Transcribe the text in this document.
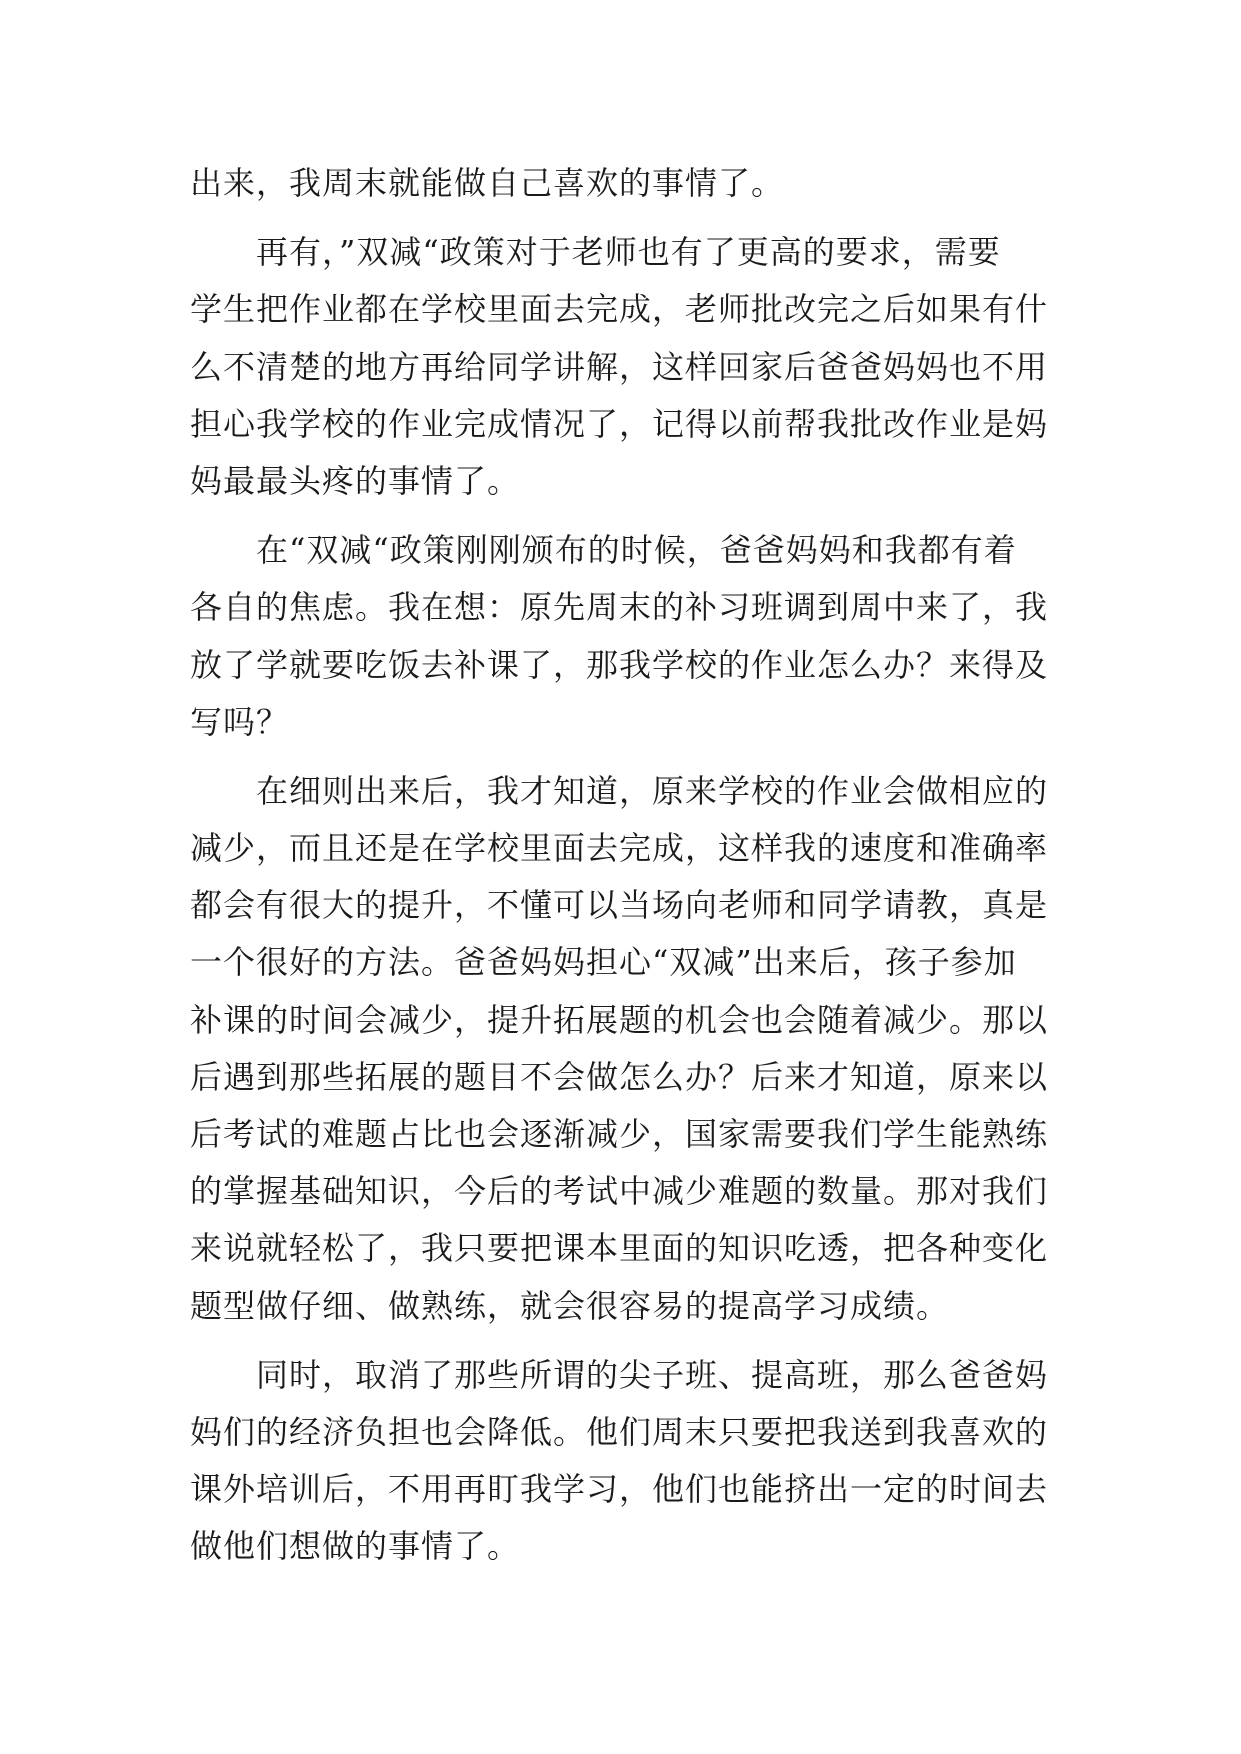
出来，我周末就能做自己喜欢的事情了。
　　再有，”双减“政策对于老师也有了更高的要求，需要
学生把作业都在学校里面去完成，老师批改完之后如果有什
么不清楚的地方再给同学讲解，这样回家后爸爸妈妈也不用
担心我学校的作业完成情况了，记得以前帮我批改作业是妈
妈最最头疼的事情了。
　　在“双减“政策刚刚颁布的时候，爸爸妈妈和我都有着
各自的焦虑。我在想：原先周末的补习班调到周中来了，我
放了学就要吃饭去补课了，那我学校的作业怎么办？来得及
写吗？
　　在细则出来后，我才知道，原来学校的作业会做相应的
减少，而且还是在学校里面去完成，这样我的速度和准确率
都会有很大的提升，不懂可以当场向老师和同学请教，真是
一个很好的方法。爸爸妈妈担心“双减”出来后，孩子参加
补课的时间会减少，提升拓展题的机会也会随着减少。那以
后遇到那些拓展的题目不会做怎么办？后来才知道，原来以
后考试的难题占比也会逐渐减少，国家需要我们学生能熟练
的掌握基础知识，今后的考试中减少难题的数量。那对我们
来说就轻松了，我只要把课本里面的知识吃透，把各种变化
题型做仔细、做熟练，就会很容易的提高学习成绩。
　　同时，取消了那些所谓的尖子班、提高班，那么爸爸妈
妈们的经济负担也会降低。他们周末只要把我送到我喜欢的
课外培训后，不用再盯我学习，他们也能挤出一定的时间去
做他们想做的事情了。
